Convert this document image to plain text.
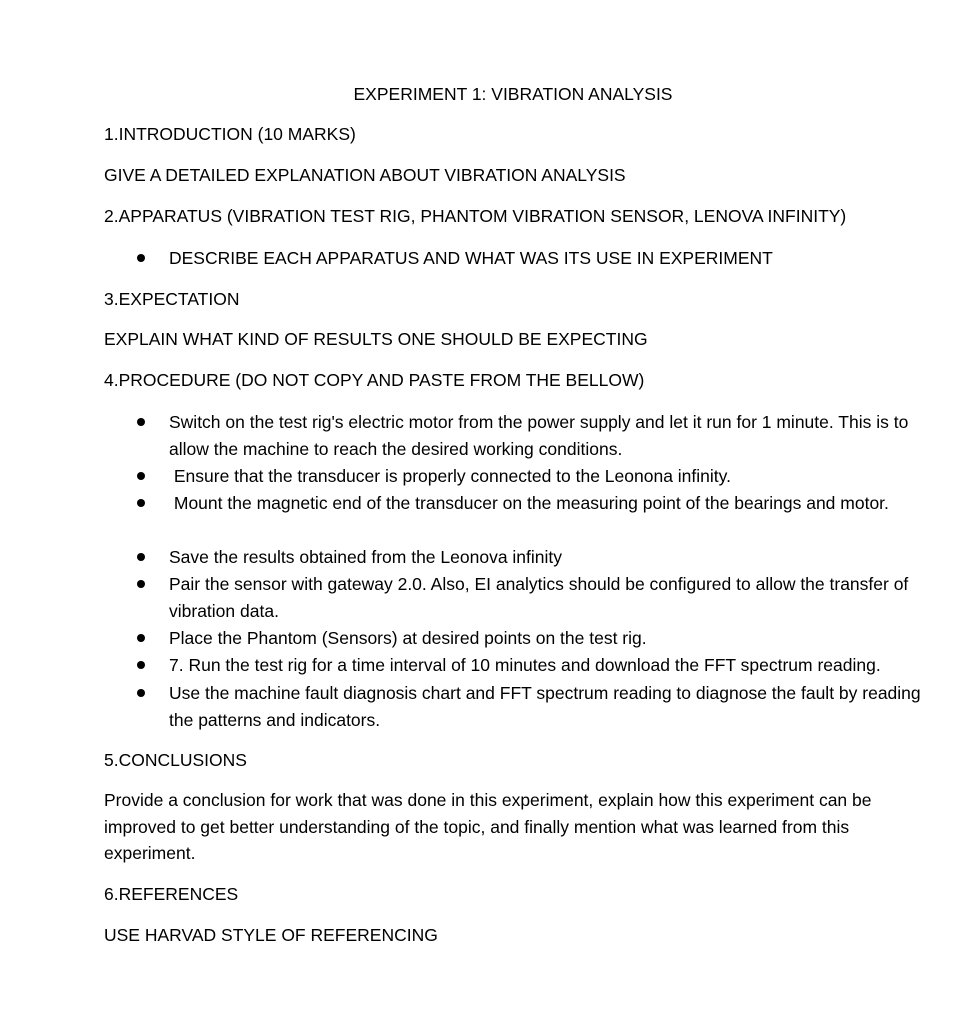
EXPERIMENT 1: VIBRATION ANALYSIS
1.INTRODUCTION (10 MARKS)
GIVE A DETAILED EXPLANATION ABOUT VIBRATION ANALYSIS
2.APPARATUS (VIBRATION TEST RIG, PHANTOM VIBRATION SENSOR, LENOVA INFINITY)
DESCRIBE EACH APPARATUS AND WHAT WAS ITS USE IN EXPERIMENT
3.EXPECTATION
EXPLAIN WHAT KIND OF RESULTS ONE SHOULD BE EXPECTING
4.PROCEDURE (DO NOT COPY AND PASTE FROM THE BELLOW)
Switch on the test rig's electric motor from the power supply and let it run for 1 minute. This is to allow the machine to reach the desired working conditions.
Ensure that the transducer is properly connected to the Leonona infinity.
Mount the magnetic end of the transducer on the measuring point of the bearings and motor.
Save the results obtained from the Leonova infinity
Pair the sensor with gateway 2.0. Also, EI analytics should be configured to allow the transfer of vibration data.
Place the Phantom (Sensors) at desired points on the test rig.
7. Run the test rig for a time interval of 10 minutes and download the FFT spectrum reading.
Use the machine fault diagnosis chart and FFT spectrum reading to diagnose the fault by reading the patterns and indicators.
5.CONCLUSIONS
Provide a conclusion for work that was done in this experiment, explain how this experiment can be improved to get better understanding of the topic, and finally mention what was learned from this experiment.
6.REFERENCES
USE HARVAD STYLE OF REFERENCING
